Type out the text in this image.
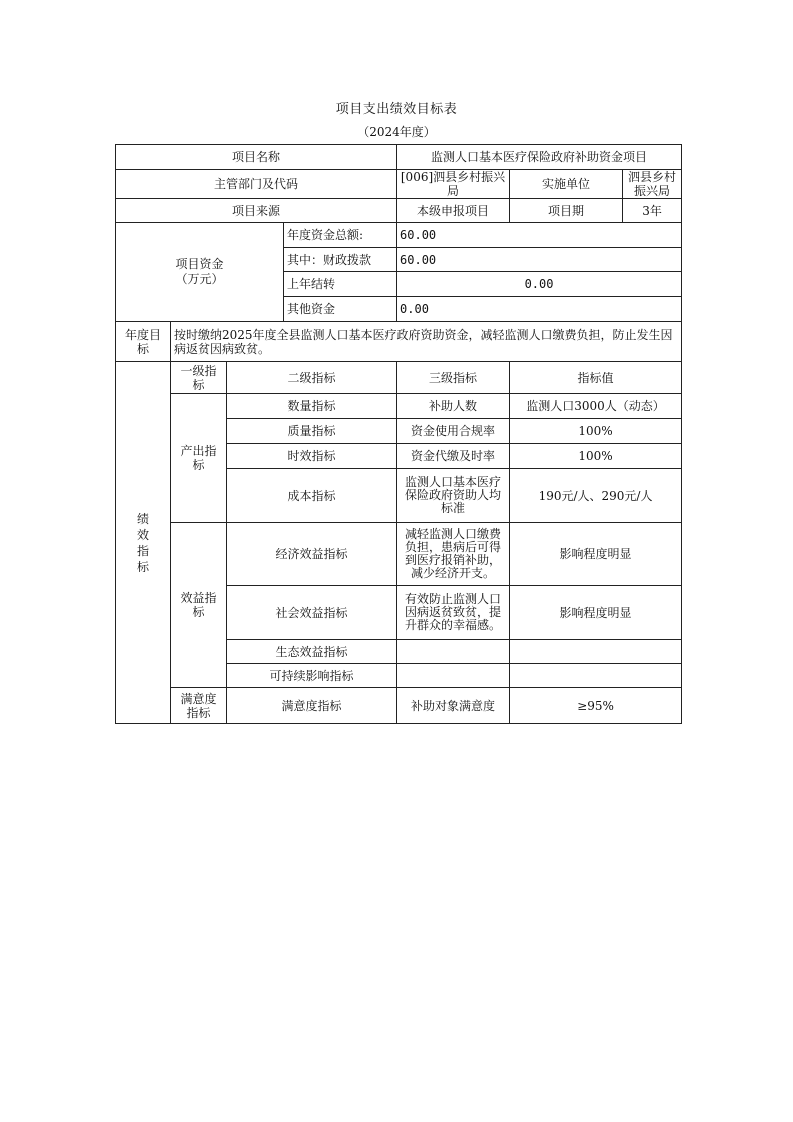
项目支出绩效目标表
（2024年度）
项目名称				监测人口基本医疗保险政府补助资金项目		
主管部门及代码				[006]泗县乡村振兴局	实施单位	泗县乡村振兴局
项目来源				本级申报项目	项目期	3年

项目资金
（万元）			年度资金总额:	60.00		
			其中：财政拨款	60.00		
			上年结转	0.00		
			其他资金	0.00		
年度目标	按时缴纳2025年度全县监测人口基本医疗政府资助资金，减轻监测人口缴费负担，防止发生因病返贫因病致贫。					

绩效指标	一级指标	二级指标		三级指标	指标值	
	产出指标	数量指标		补助人数	监测人口3000人（动态）	
		质量指标		资金使用合规率	100%	
		时效指标		资金代缴及时率	100%	
		成本指标		监测人口基本医疗保险政府资助人均标准	190元/人、290元/人	
	效益指标	经济效益指标		减轻监测人口缴费负担，患病后可得到医疗报销补助，减少经济开支。	影响程度明显	
		社会效益指标		有效防止监测人口因病返贫致贫，提升群众的幸福感。	影响程度明显	
		生态效益指标				
		可持续影响指标				
	满意度指标	满意度指标		补助对象满意度	≥95%	
